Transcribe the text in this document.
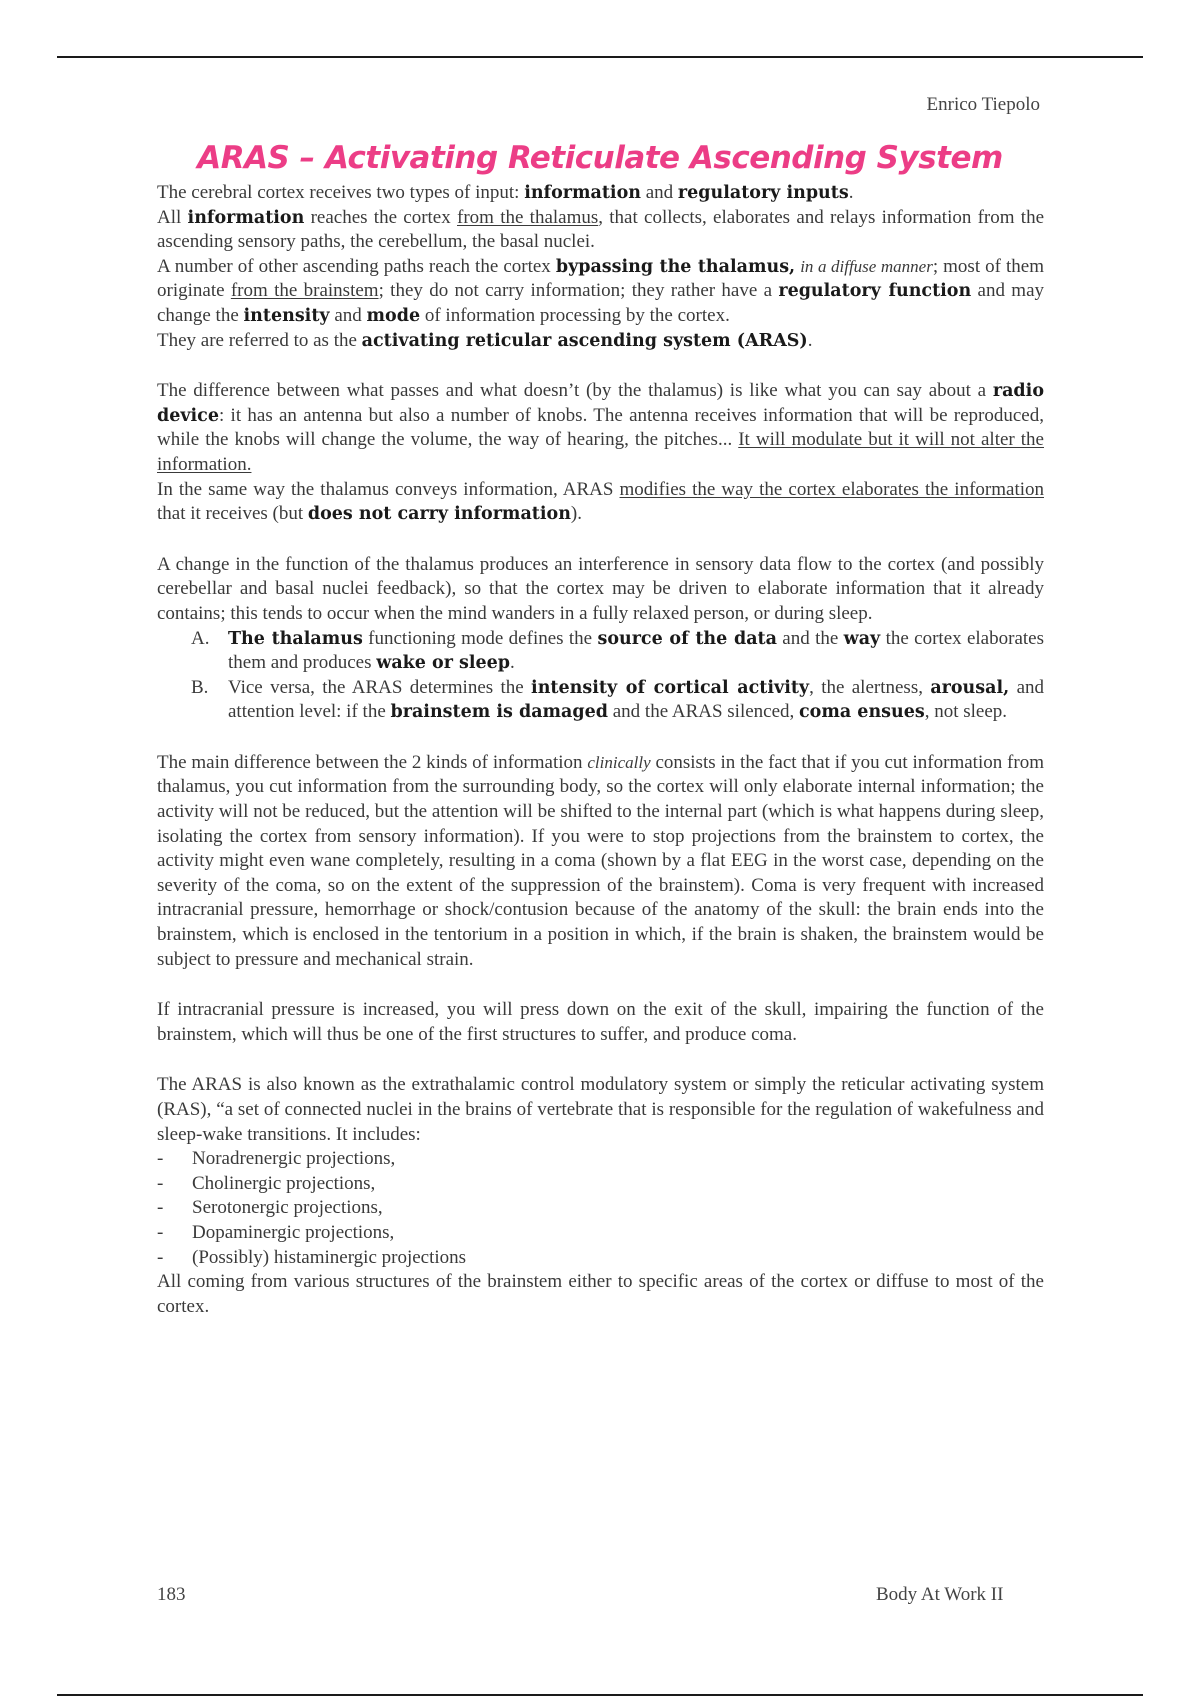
Enrico Tiepolo
ARAS – Activating Reticulate Ascending System

The cerebral cortex receives two types of input: information and regulatory inputs.
All information reaches the cortex from the thalamus, that collects, elaborates and relays information from the ascending sensory paths, the cerebellum, the basal nuclei.
A number of other ascending paths reach the cortex bypassing the thalamus, in a diffuse manner; most of them originate from the brainstem; they do not carry information; they rather have a regulatory function and may change the intensity and mode of information processing by the cortex.
They are referred to as the activating reticular ascending system (ARAS).

The difference between what passes and what doesn’t (by the thalamus) is like what you can say about a radio device: it has an antenna but also a number of knobs. The antenna receives information that will be reproduced, while the knobs will change the volume, the way of hearing, the pitches... It will modulate but it will not alter the information.
In the same way the thalamus conveys information, ARAS modifies the way the cortex elaborates the information that it receives (but does not carry information).

A change in the function of the thalamus produces an interference in sensory data flow to the cortex (and possibly cerebellar and basal nuclei feedback), so that the cortex may be driven to elaborate information that it already contains; this tends to occur when the mind wanders in a fully relaxed person, or during sleep.

A. The thalamus functioning mode defines the source of the data and the way the cortex elaborates them and produces wake or sleep.
B. Vice versa, the ARAS determines the intensity of cortical activity, the alertness, arousal, and attention level: if the brainstem is damaged and the ARAS silenced, coma ensues, not sleep.

The main difference between the 2 kinds of information clinically consists in the fact that if you cut information from thalamus, you cut information from the surrounding body, so the cortex will only elaborate internal information; the activity will not be reduced, but the attention will be shifted to the internal part (which is what happens during sleep, isolating the cortex from sensory information). If you were to stop projections from the brainstem to cortex, the activity might even wane completely, resulting in a coma (shown by a flat EEG in the worst case, depending on the severity of the coma, so on the extent of the suppression of the brainstem). Coma is very frequent with increased intracranial pressure, hemorrhage or shock/contusion because of the anatomy of the skull: the brain ends into the brainstem, which is enclosed in the tentorium in a position in which, if the brain is shaken, the brainstem would be subject to pressure and mechanical strain.

If intracranial pressure is increased, you will press down on the exit of the skull, impairing the function of the brainstem, which will thus be one of the first structures to suffer, and produce coma.

The ARAS is also known as the extrathalamic control modulatory system or simply the reticular activating system (RAS), “a set of connected nuclei in the brains of vertebrate that is responsible for the regulation of wakefulness and sleep-wake transitions. It includes:

- Noradrenergic projections,
- Cholinergic projections,
- Serotonergic projections,
- Dopaminergic projections,
- (Possibly) histaminergic projections

All coming from various structures of the brainstem either to specific areas of the cortex or diffuse to most of the cortex.

183	Body At Work II
